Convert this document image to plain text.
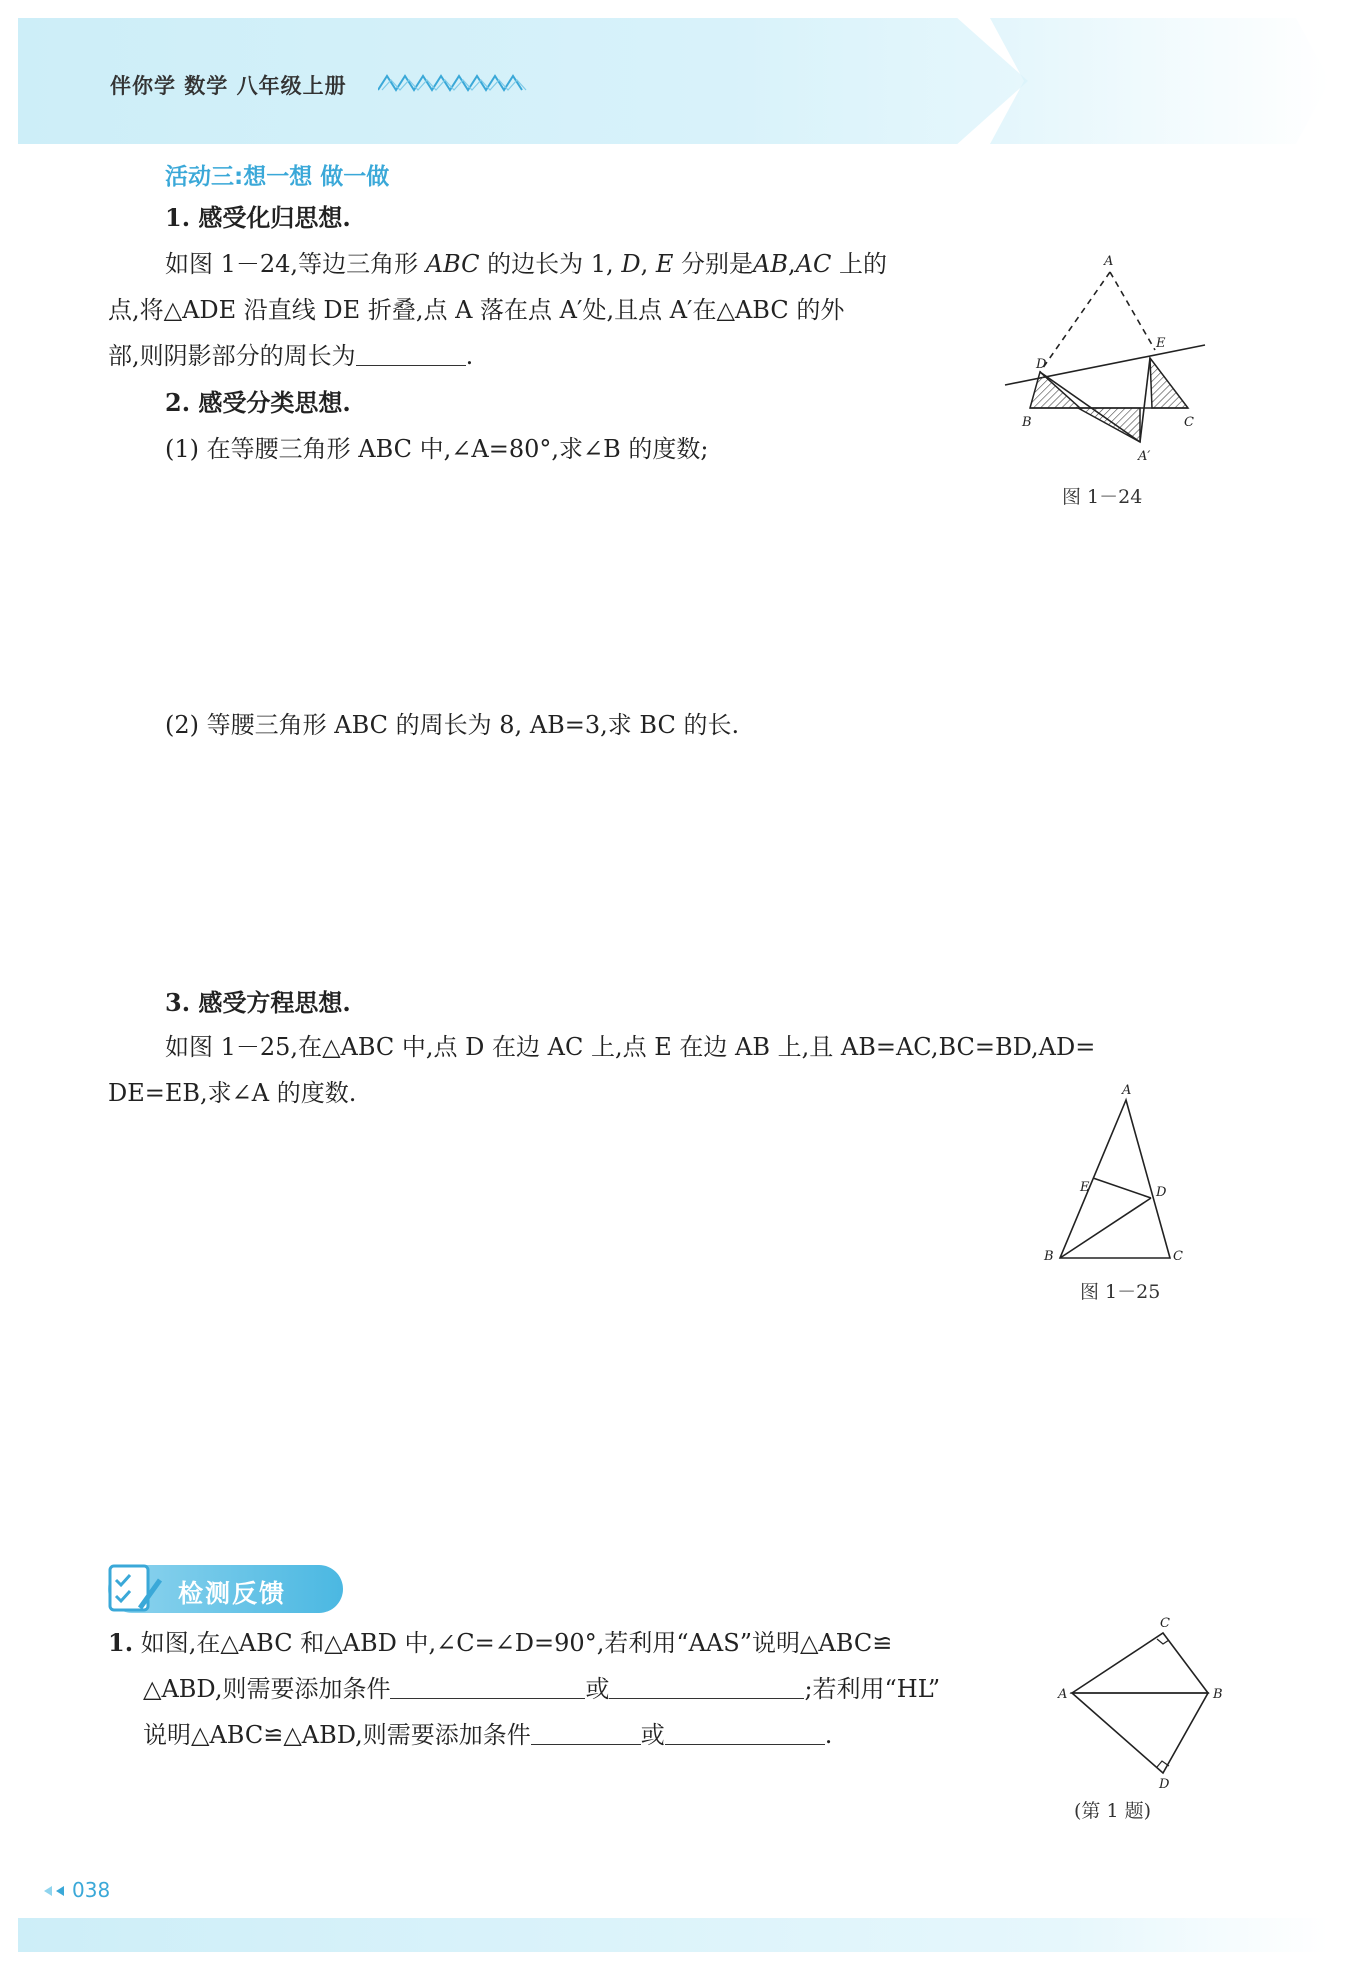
伴你学 数学 八年级上册
活动三:想一想 做一做
1. 感受化归思想.
如图 1－24,等边三角形 ABC 的边长为 1, D, E 分别是AB,AC 上的
点,将△ADE 沿直线 DE 折叠,点 A 落在点 A′处,且点 A′在△ABC 的外
部,则阴影部分的周长为	.
A
B	C
D
E
A′
图 1－24
2. 感受分类思想.
(1) 在等腰三角形 ABC 中,∠A=80°,求∠B 的度数;
(2) 等腰三角形 ABC 的周长为 8, AB=3,求 BC 的长.
3. 感受方程思想.
如图 1－25,在△ABC 中,点 D 在边 AC 上,点 E 在边 AB 上,且 AB=AC,BC=BD,AD=
DE=EB,求∠A 的度数.	A
B	C
D
E
图 1－25
检测反馈
1. 如图,在△ABC 和△ABD 中,∠C=∠D=90°,若利用“AAS”说明△ABC≌
△ABD,则需要添加条件	或	;若利用“HL”
说明△ABC≌△ABD,则需要添加条件	或	.
A	B
C
D
(第 1 题)
038
